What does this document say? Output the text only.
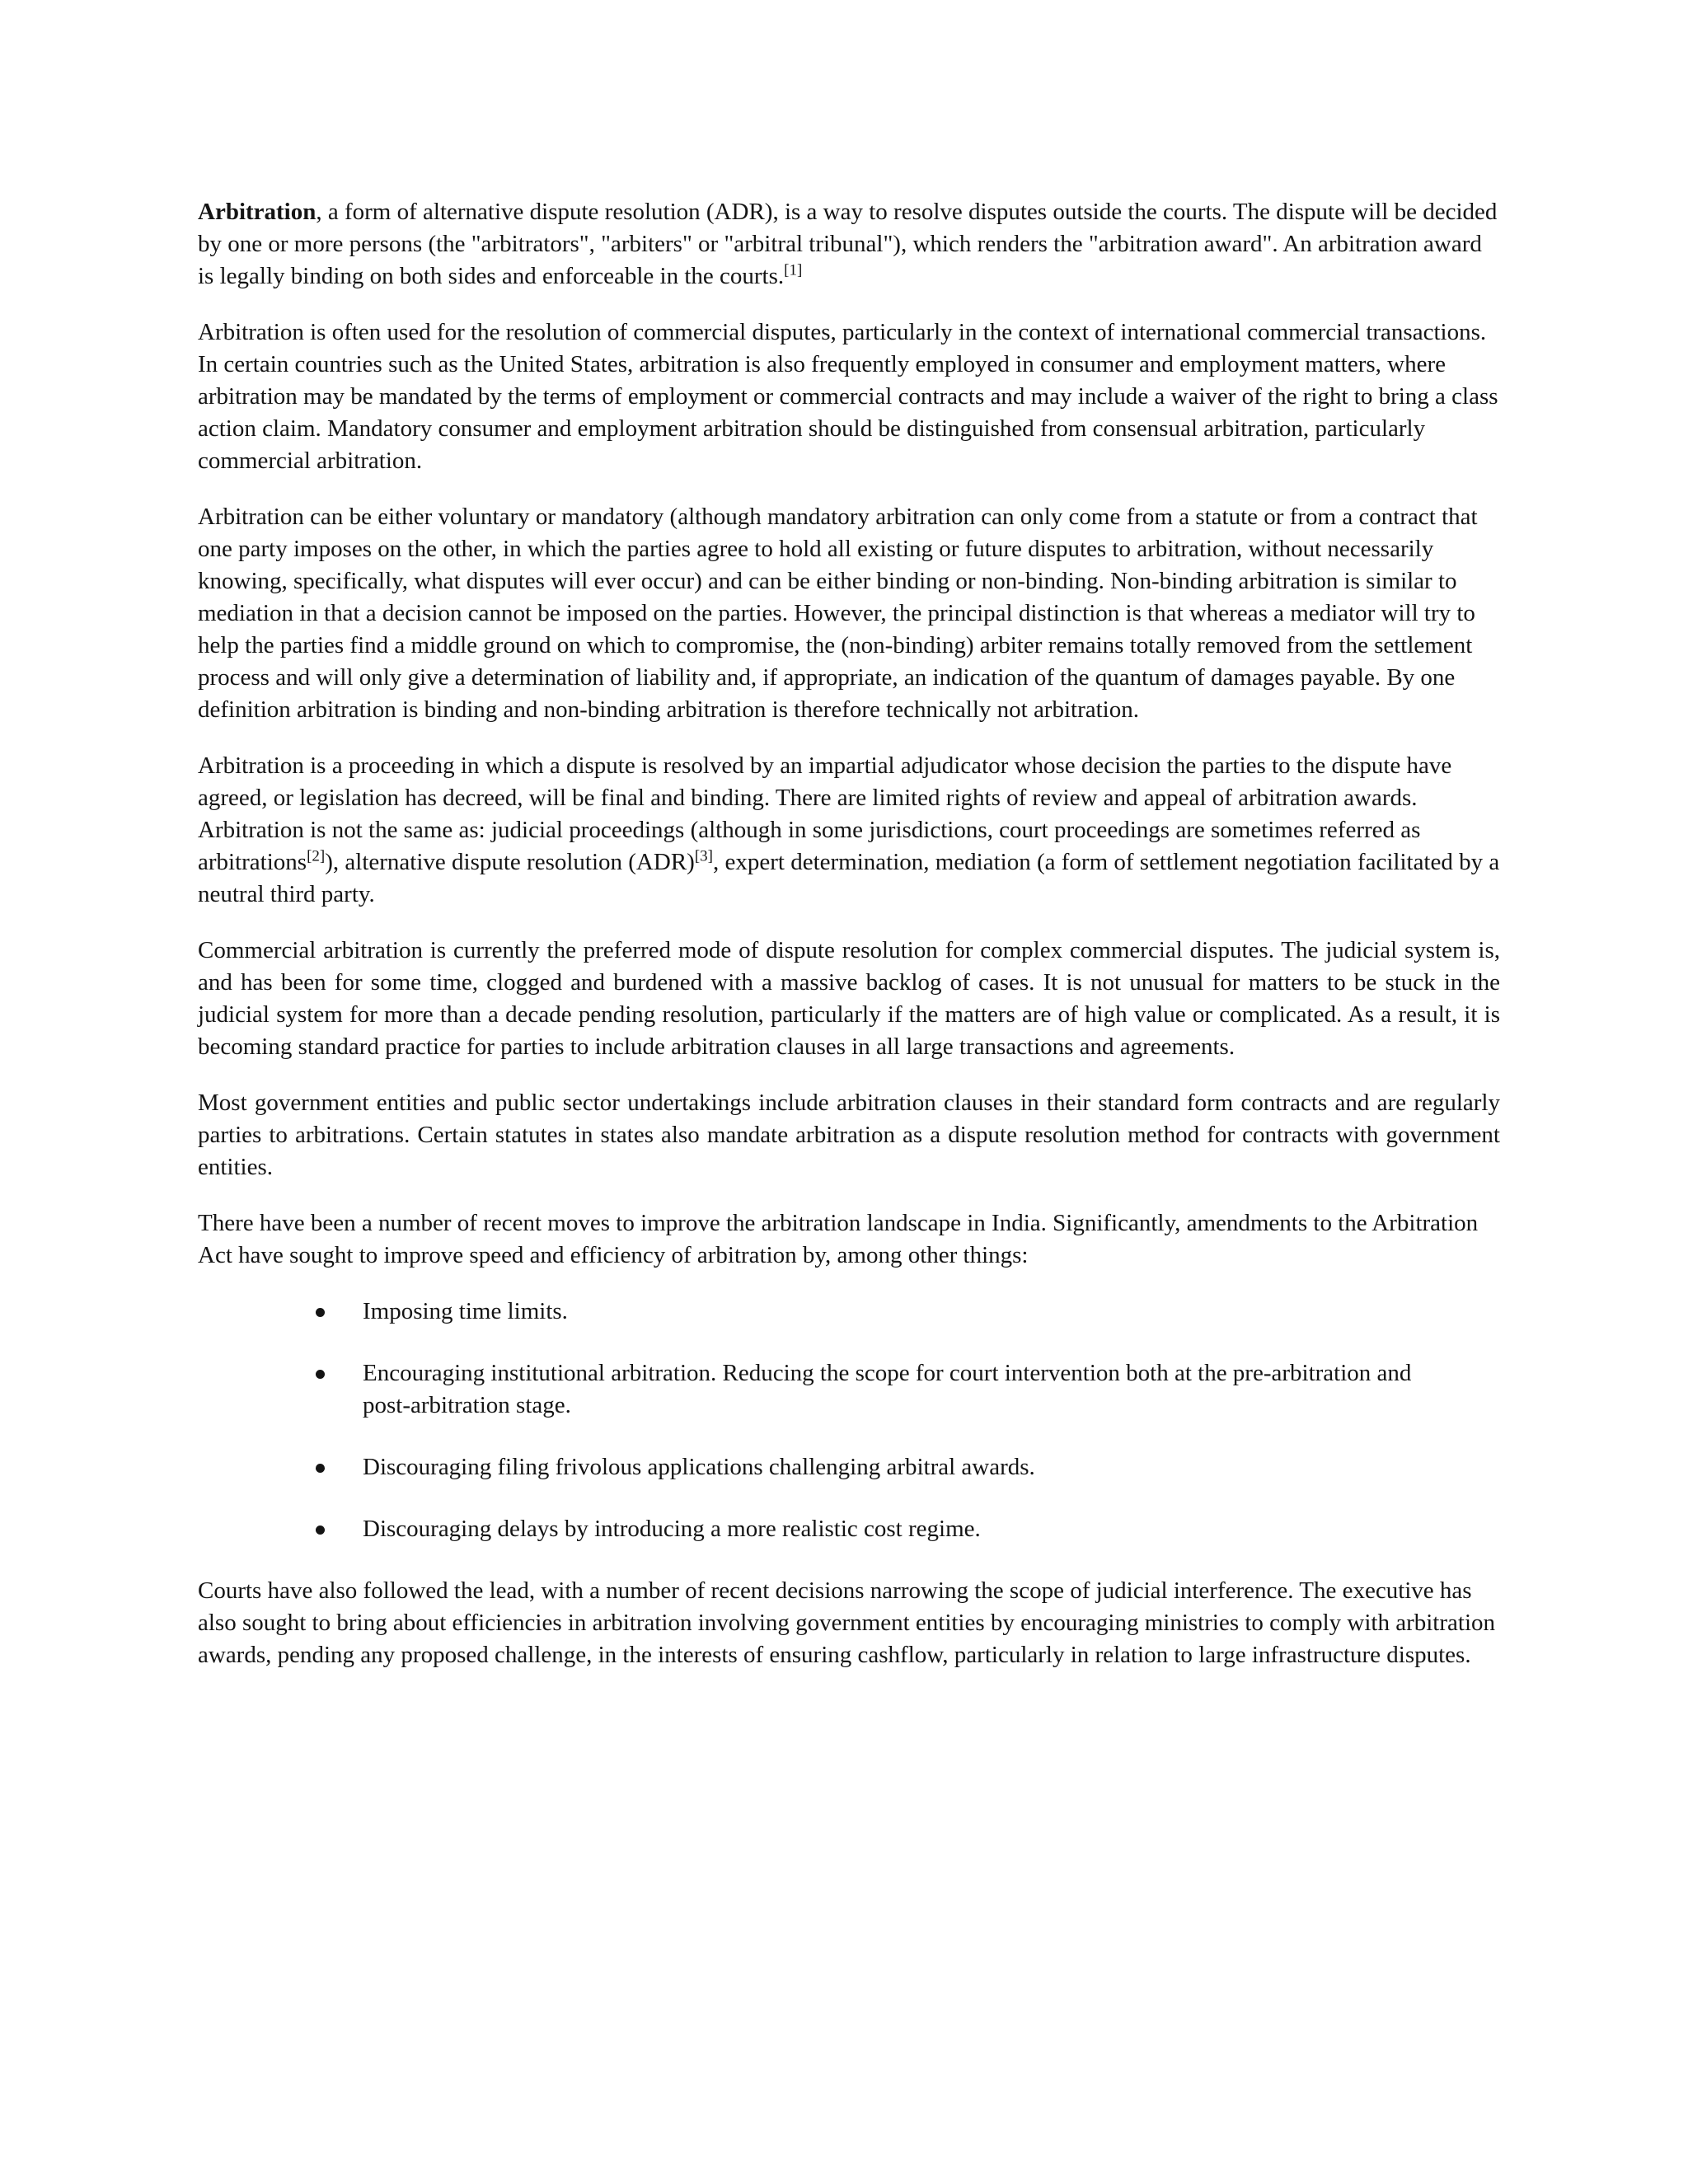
Arbitration, a form of alternative dispute resolution (ADR), is a way to resolve disputes outside the courts. The dispute will be decided by one or more persons (the "arbitrators", "arbiters" or "arbitral tribunal"), which renders the "arbitration award". An arbitration award is legally binding on both sides and enforceable in the courts.[1]

Arbitration is often used for the resolution of commercial disputes, particularly in the context of international commercial transactions. In certain countries such as the United States, arbitration is also frequently employed in consumer and employment matters, where arbitration may be mandated by the terms of employment or commercial contracts and may include a waiver of the right to bring a class action claim. Mandatory consumer and employment arbitration should be distinguished from consensual arbitration, particularly commercial arbitration.

Arbitration can be either voluntary or mandatory (although mandatory arbitration can only come from a statute or from a contract that one party imposes on the other, in which the parties agree to hold all existing or future disputes to arbitration, without necessarily knowing, specifically, what disputes will ever occur) and can be either binding or non-binding. Non-binding arbitration is similar to mediation in that a decision cannot be imposed on the parties. However, the principal distinction is that whereas a mediator will try to help the parties find a middle ground on which to compromise, the (non-binding) arbiter remains totally removed from the settlement process and will only give a determination of liability and, if appropriate, an indication of the quantum of damages payable. By one definition arbitration is binding and non-binding arbitration is therefore technically not arbitration.

Arbitration is a proceeding in which a dispute is resolved by an impartial adjudicator whose decision the parties to the dispute have agreed, or legislation has decreed, will be final and binding. There are limited rights of review and appeal of arbitration awards. Arbitration is not the same as: judicial proceedings (although in some jurisdictions, court proceedings are sometimes referred as arbitrations[2]), alternative dispute resolution (ADR)[3], expert determination, mediation (a form of settlement negotiation facilitated by a neutral third party.

Commercial arbitration is currently the preferred mode of dispute resolution for complex commercial disputes. The judicial system is, and has been for some time, clogged and burdened with a massive backlog of cases. It is not unusual for matters to be stuck in the judicial system for more than a decade pending resolution, particularly if the matters are of high value or complicated. As a result, it is becoming standard practice for parties to include arbitration clauses in all large transactions and agreements.

Most government entities and public sector undertakings include arbitration clauses in their standard form contracts and are regularly parties to arbitrations. Certain statutes in states also mandate arbitration as a dispute resolution method for contracts with government entities.

There have been a number of recent moves to improve the arbitration landscape in India. Significantly, amendments to the Arbitration Act have sought to improve speed and efficiency of arbitration by, among other things:

Imposing time limits.
Encouraging institutional arbitration. Reducing the scope for court intervention both at the pre-arbitration and post-arbitration stage.
Discouraging filing frivolous applications challenging arbitral awards.
Discouraging delays by introducing a more realistic cost regime.

Courts have also followed the lead, with a number of recent decisions narrowing the scope of judicial interference. The executive has also sought to bring about efficiencies in arbitration involving government entities by encouraging ministries to comply with arbitration awards, pending any proposed challenge, in the interests of ensuring cashflow, particularly in relation to large infrastructure disputes.
